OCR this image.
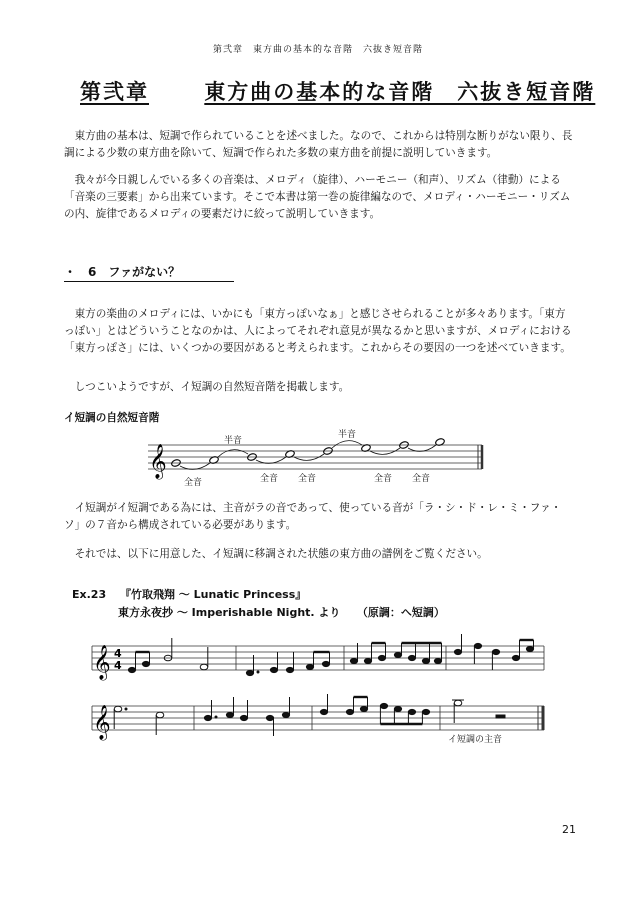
第弐章　東方曲の基本的な音階　六抜き短音階
第弐章	東方曲の基本的な音階　六抜き短音階
東方曲の基本は、短調で作られていることを述べました。なので、これからは特別な断りがない限り、長調による少数の東方曲を除いて、短調で作られた多数の東方曲を前提に説明していきます。
我々が今日親しんでいる多くの音楽は、メロディ（旋律）、ハーモニー（和声）、リズム（律動）による「音楽の三要素」から出来ています。そこで本書は第一巻の旋律編なので、メロディ・ハーモニー・リズムの内、旋律であるメロディの要素だけに絞って説明していきます。
・　6　ファがない？
東方の楽曲のメロディには、いかにも「東方っぽいなぁ」と感じさせられることが多々あります。「東方っぽい」とはどういうことなのかは、人によってそれぞれ意見が異なるかと思いますが、メロディにおける「東方っぽさ」には、いくつかの要因があると考えられます。これからその要因の一つを述べていきます。
しつこいようですが、イ短調の自然短音階を掲載します。
イ短調の自然短音階
𝄞
半音
半音
全音	全音 全音	全音 全音
イ短調がイ短調である為には、主音がラの音であって、使っている音が「ラ・シ・ド・レ・ミ・ファ・ソ」の７音から構成されている必要があります。
それでは、以下に用意した、イ短調に移調された状態の東方曲の譜例をご覧ください。
Ex.23 『竹取飛翔 〜 Lunatic Princess』
東方永夜抄 〜 Imperishable Night. より　　（原調：ヘ短調）
𝄞 4
4
𝄞	イ短調の主音
21
